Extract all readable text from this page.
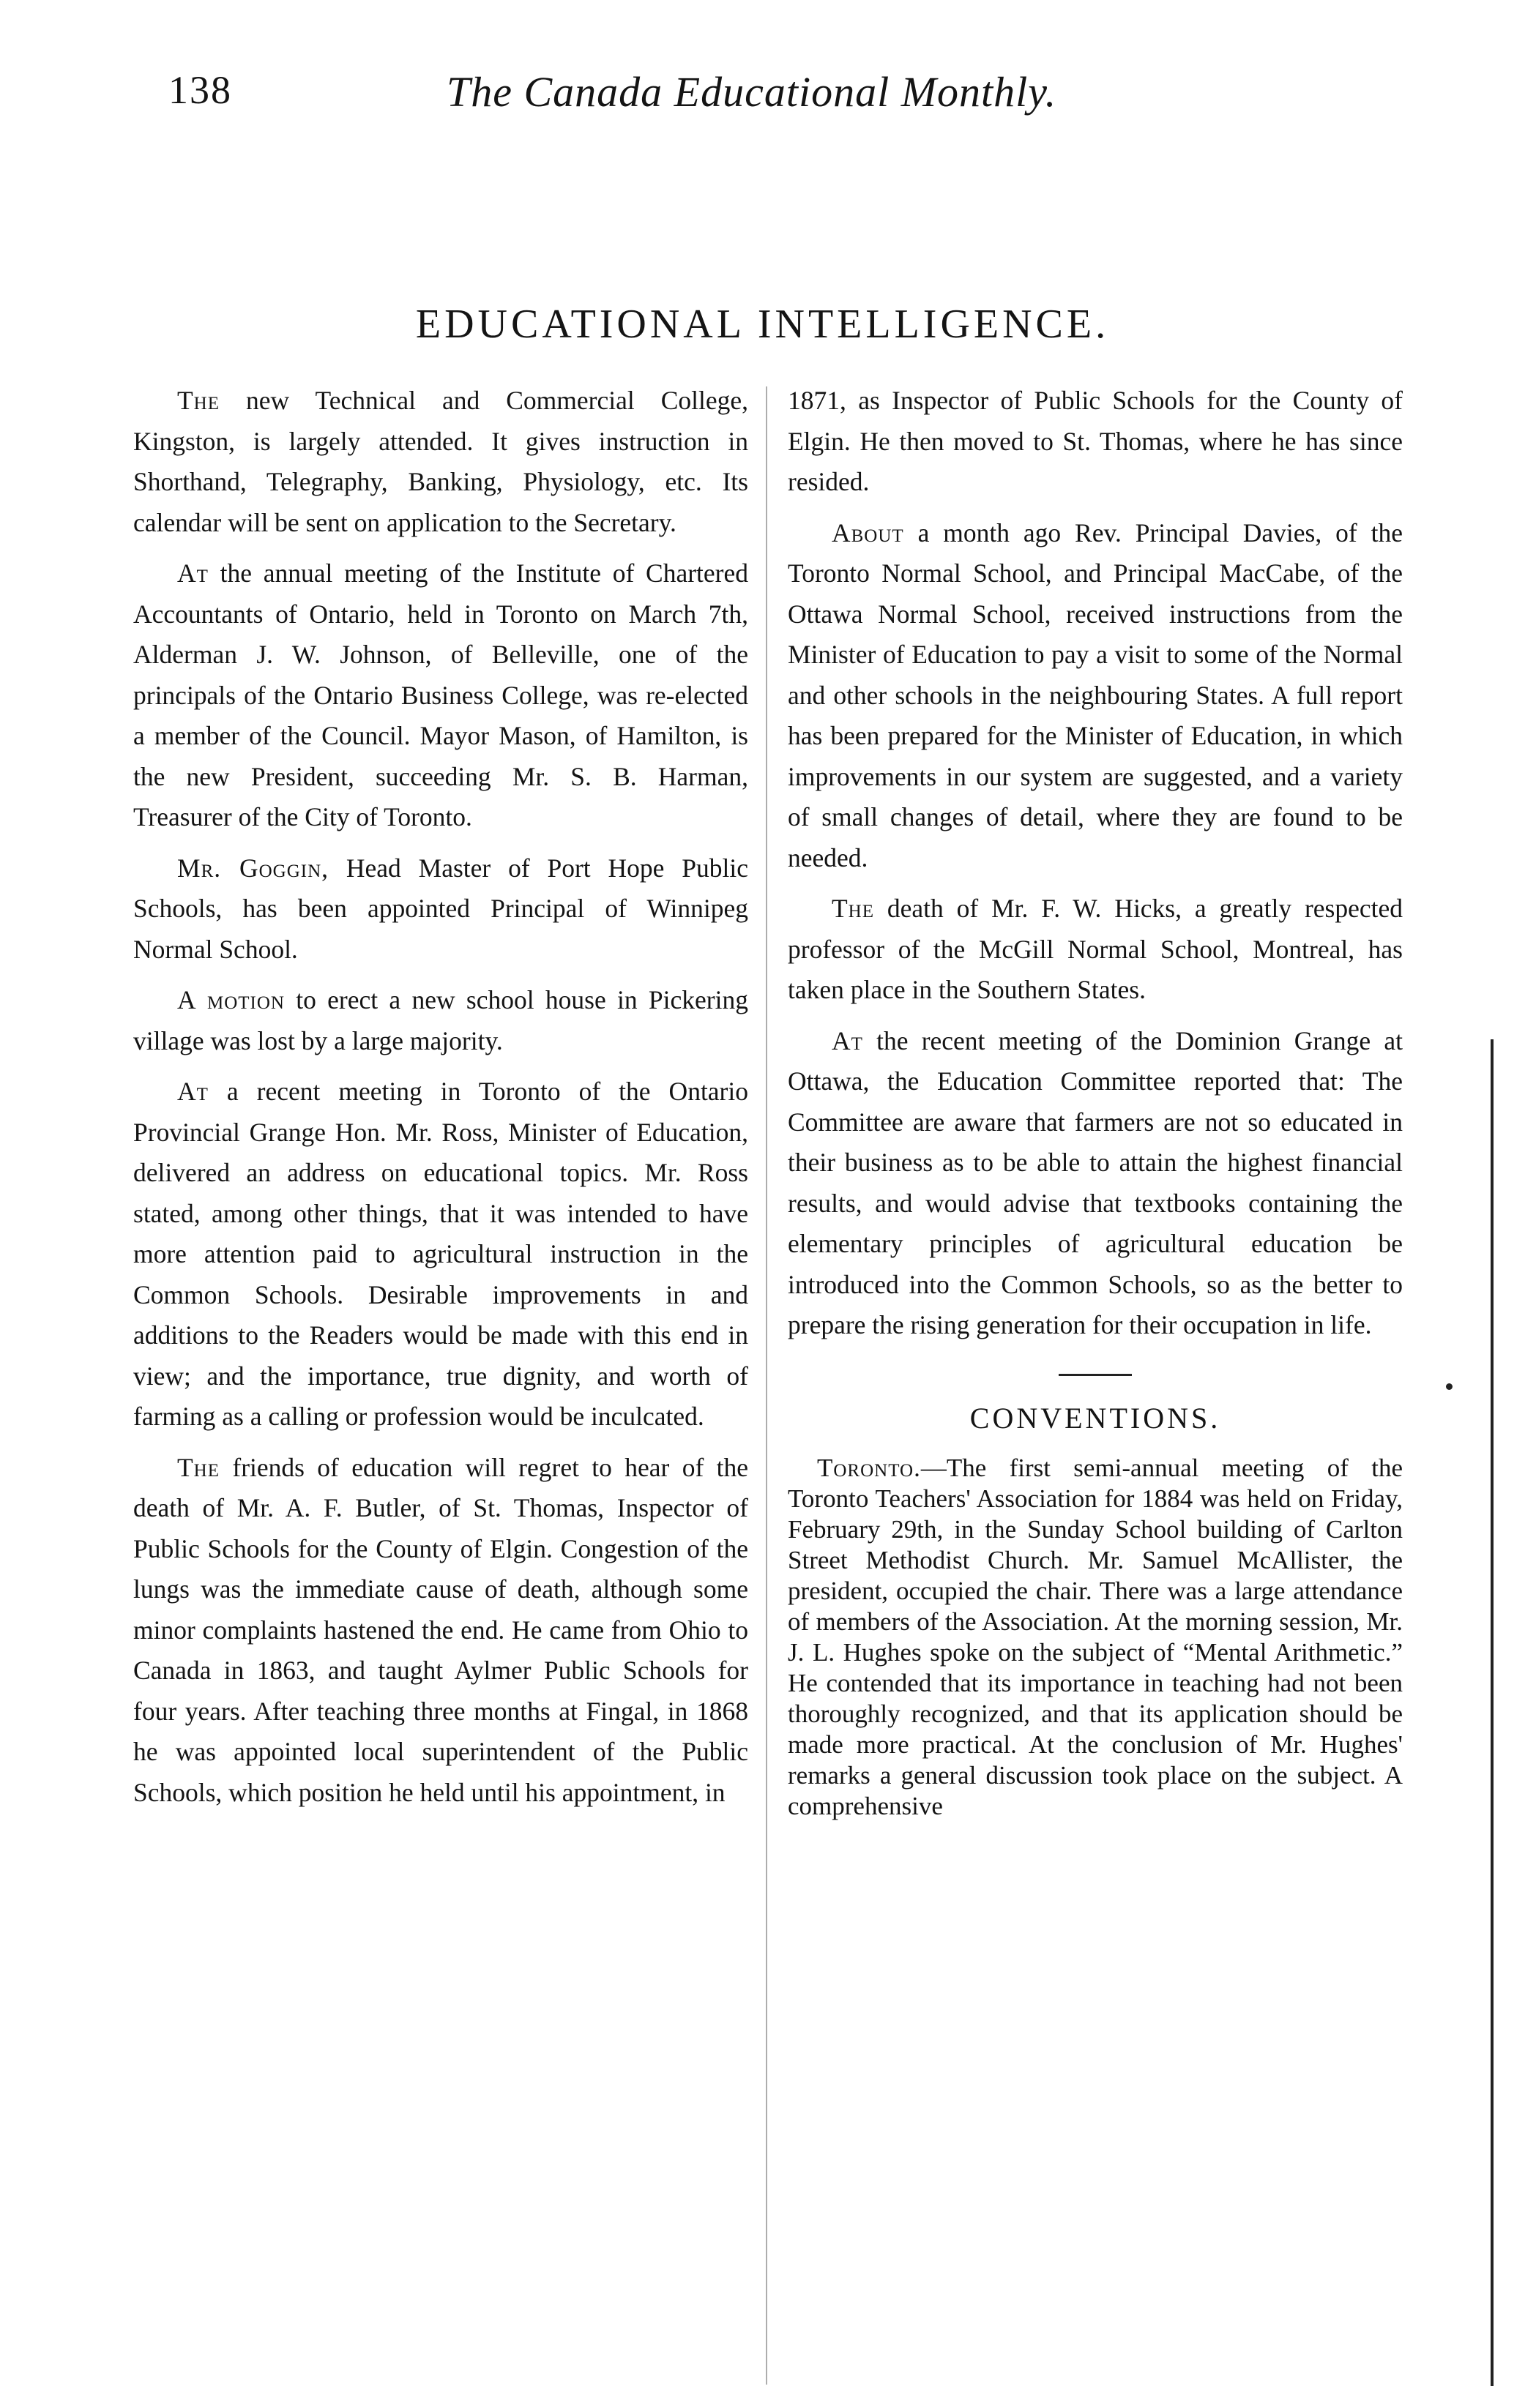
138	The Canada Educational Monthly.
EDUCATIONAL INTELLIGENCE.

The new Technical and Commercial College, Kingston, is largely attended. It gives instruction in Shorthand, Telegraphy, Banking, Physiology, etc. Its calendar will be sent on application to the Secretary.

At the annual meeting of the Institute of Chartered Accountants of Ontario, held in Toronto on March 7th, Alderman J. W. Johnson, of Belleville, one of the principals of the Ontario Business College, was re-elected a member of the Council. Mayor Mason, of Hamilton, is the new President, succeeding Mr. S. B. Harman, Treasurer of the City of Toronto.

Mr. Goggin, Head Master of Port Hope Public Schools, has been appointed Principal of Winnipeg Normal School.

A motion to erect a new school house in Pickering village was lost by a large majority.

At a recent meeting in Toronto of the Ontario Provincial Grange Hon. Mr. Ross, Minister of Education, delivered an address on educational topics. Mr. Ross stated, among other things, that it was intended to have more attention paid to agricultural instruction in the Common Schools. Desirable improvements in and additions to the Readers would be made with this end in view; and the importance, true dignity, and worth of farming as a calling or profession would be inculcated.

The friends of education will regret to hear of the death of Mr. A. F. Butler, of St. Thomas, Inspector of Public Schools for the County of Elgin. Congestion of the lungs was the immediate cause of death, although some minor complaints hastened the end. He came from Ohio to Canada in 1863, and taught Aylmer Public Schools for four years. After teaching three months at Fingal, in 1868 he was appointed local superintendent of the Public Schools, which position he held until his appointment, in

1871, as Inspector of Public Schools for the County of Elgin. He then moved to St. Thomas, where he has since resided.

About a month ago Rev. Principal Davies, of the Toronto Normal School, and Principal MacCabe, of the Ottawa Normal School, received instructions from the Minister of Education to pay a visit to some of the Normal and other schools in the neighbouring States. A full report has been prepared for the Minister of Education, in which improvements in our system are suggested, and a variety of small changes of detail, where they are found to be needed.

The death of Mr. F. W. Hicks, a greatly respected professor of the McGill Normal School, Montreal, has taken place in the Southern States.

At the recent meeting of the Dominion Grange at Ottawa, the Education Committee reported that: The Committee are aware that farmers are not so educated in their business as to be able to attain the highest financial results, and would advise that textbooks containing the elementary principles of agricultural education be introduced into the Common Schools, so as the better to prepare the rising generation for their occupation in life.

CONVENTIONS.

Toronto.—The first semi-annual meeting of the Toronto Teachers' Association for 1884 was held on Friday, February 29th, in the Sunday School building of Carlton Street Methodist Church. Mr. Samuel McAllister, the president, occupied the chair. There was a large attendance of members of the Association. At the morning session, Mr. J. L. Hughes spoke on the subject of “Mental Arithmetic.” He contended that its importance in teaching had not been thoroughly recognized, and that its application should be made more practical. At the conclusion of Mr. Hughes' remarks a general discussion took place on the subject. A comprehensive
